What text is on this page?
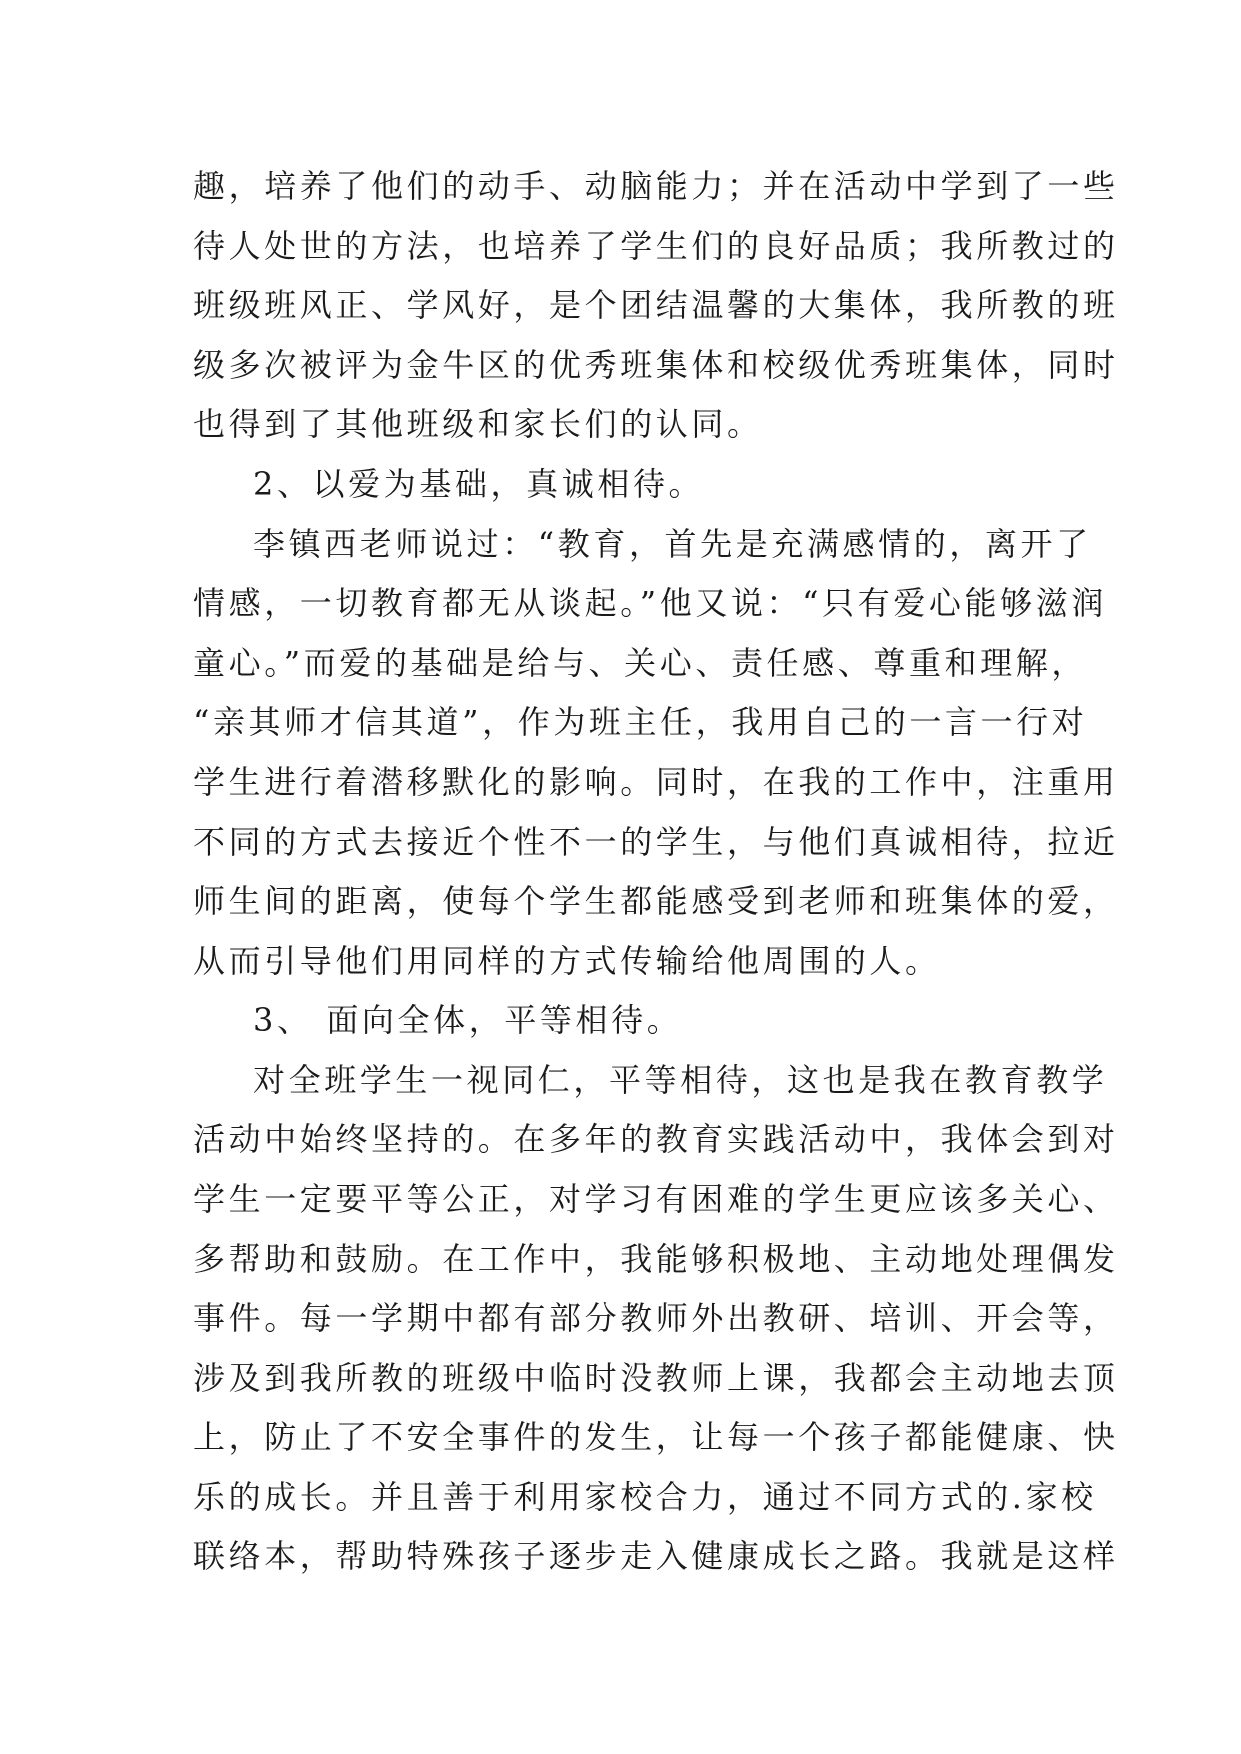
趣，培养了他们的动手、动脑能力；并在活动中学到了一些
待人处世的方法，也培养了学生们的良好品质；我所教过的
班级班风正、学风好，是个团结温馨的大集体，我所教的班
级多次被评为金牛区的优秀班集体和校级优秀班集体，同时
也得到了其他班级和家长们的认同。
2、以爱为基础，真诚相待。
李镇西老师说过：“教育，首先是充满感情的，离开了
情感，一切教育都无从谈起。”他又说：“只有爱心能够滋润
童心。”而爱的基础是给与、关心、责任感、尊重和理解，
“亲其师才信其道”，作为班主任，我用自己的一言一行对
学生进行着潜移默化的影响。同时，在我的工作中，注重用
不同的方式去接近个性不一的学生，与他们真诚相待，拉近
师生间的距离，使每个学生都能感受到老师和班集体的爱，
从而引导他们用同样的方式传输给他周围的人。
3、 面向全体，平等相待。
对全班学生一视同仁，平等相待，这也是我在教育教学
活动中始终坚持的。在多年的教育实践活动中，我体会到对
学生一定要平等公正，对学习有困难的学生更应该多关心、
多帮助和鼓励。在工作中，我能够积极地、主动地处理偶发
事件。每一学期中都有部分教师外出教研、培训、开会等，
涉及到我所教的班级中临时没教师上课，我都会主动地去顶
上，防止了不安全事件的发生，让每一个孩子都能健康、快
乐的成长。并且善于利用家校合力，通过不同方式的.家校
联络本，帮助特殊孩子逐步走入健康成长之路。我就是这样
